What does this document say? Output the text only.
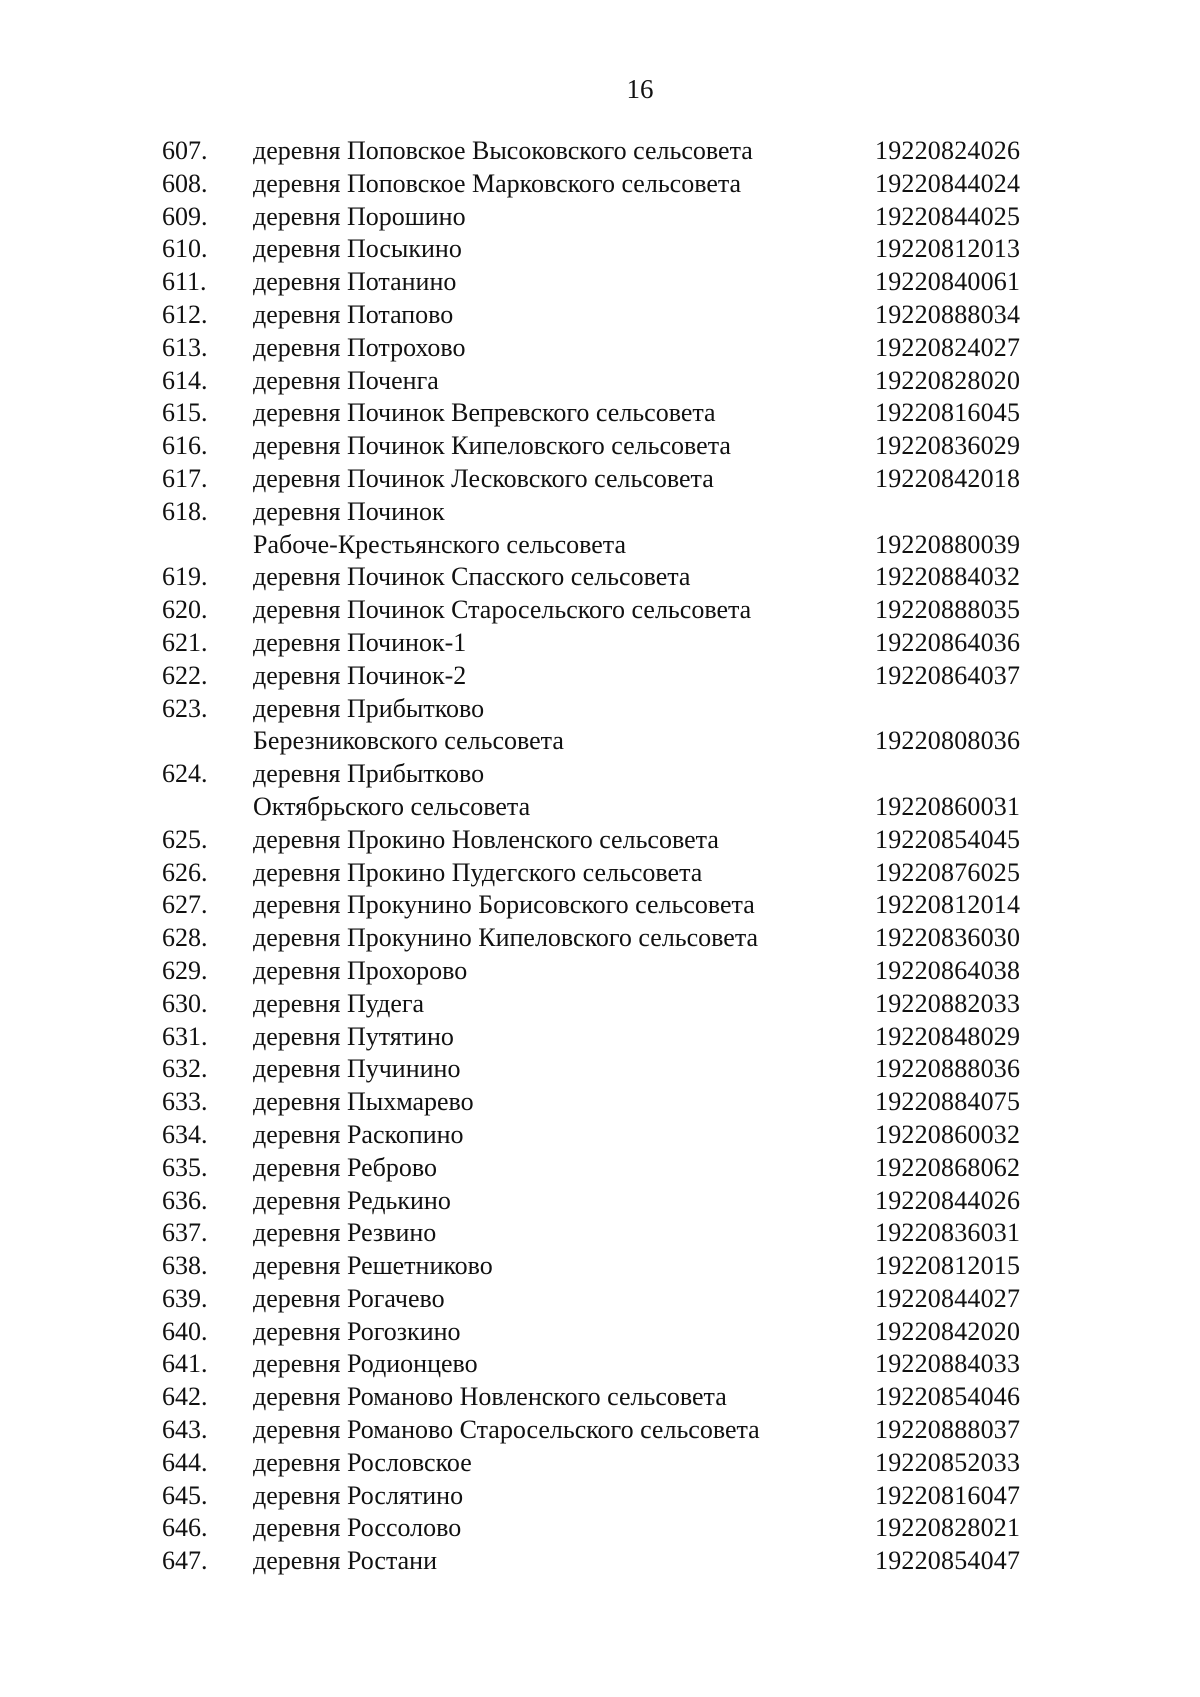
16
607.	деревня Поповское Высоковского сельсовета	19220824026
608.	деревня Поповское Марковского сельсовета	19220844024
609.	деревня Порошино	19220844025
610.	деревня Посыкино	19220812013
611.	деревня Потанино	19220840061
612.	деревня Потапово	19220888034
613.	деревня Потрохово	19220824027
614.	деревня Поченга	19220828020
615.	деревня Починок Вепревского сельсовета	19220816045
616.	деревня Починок Кипеловского сельсовета	19220836029
617.	деревня Починок Лесковского сельсовета	19220842018
618.	деревня Починок
Рабоче-Крестьянского сельсовета	19220880039
619.	деревня Починок Спасского сельсовета	19220884032
620.	деревня Починок Старосельского сельсовета	19220888035
621.	деревня Починок-1	19220864036
622.	деревня Починок-2	19220864037
623.	деревня Прибытково
Березниковского сельсовета	19220808036
624.	деревня Прибытково
Октябрьского сельсовета	19220860031
625.	деревня Прокино Новленского сельсовета	19220854045
626.	деревня Прокино Пудегского сельсовета	19220876025
627.	деревня Прокунино Борисовского сельсовета	19220812014
628.	деревня Прокунино Кипеловского сельсовета	19220836030
629.	деревня Прохорово	19220864038
630.	деревня Пудега	19220882033
631.	деревня Путятино	19220848029
632.	деревня Пучинино	19220888036
633.	деревня Пыхмарево	19220884075
634.	деревня Раскопино	19220860032
635.	деревня Реброво	19220868062
636.	деревня Редькино	19220844026
637.	деревня Резвино	19220836031
638.	деревня Решетниково	19220812015
639.	деревня Рогачево	19220844027
640.	деревня Рогозкино	19220842020
641.	деревня Родионцево	19220884033
642.	деревня Романово Новленского сельсовета	19220854046
643.	деревня Романово Старосельского сельсовета	19220888037
644.	деревня Рословское	19220852033
645.	деревня Рослятино	19220816047
646.	деревня Россолово	19220828021
647.	деревня Ростани	19220854047
